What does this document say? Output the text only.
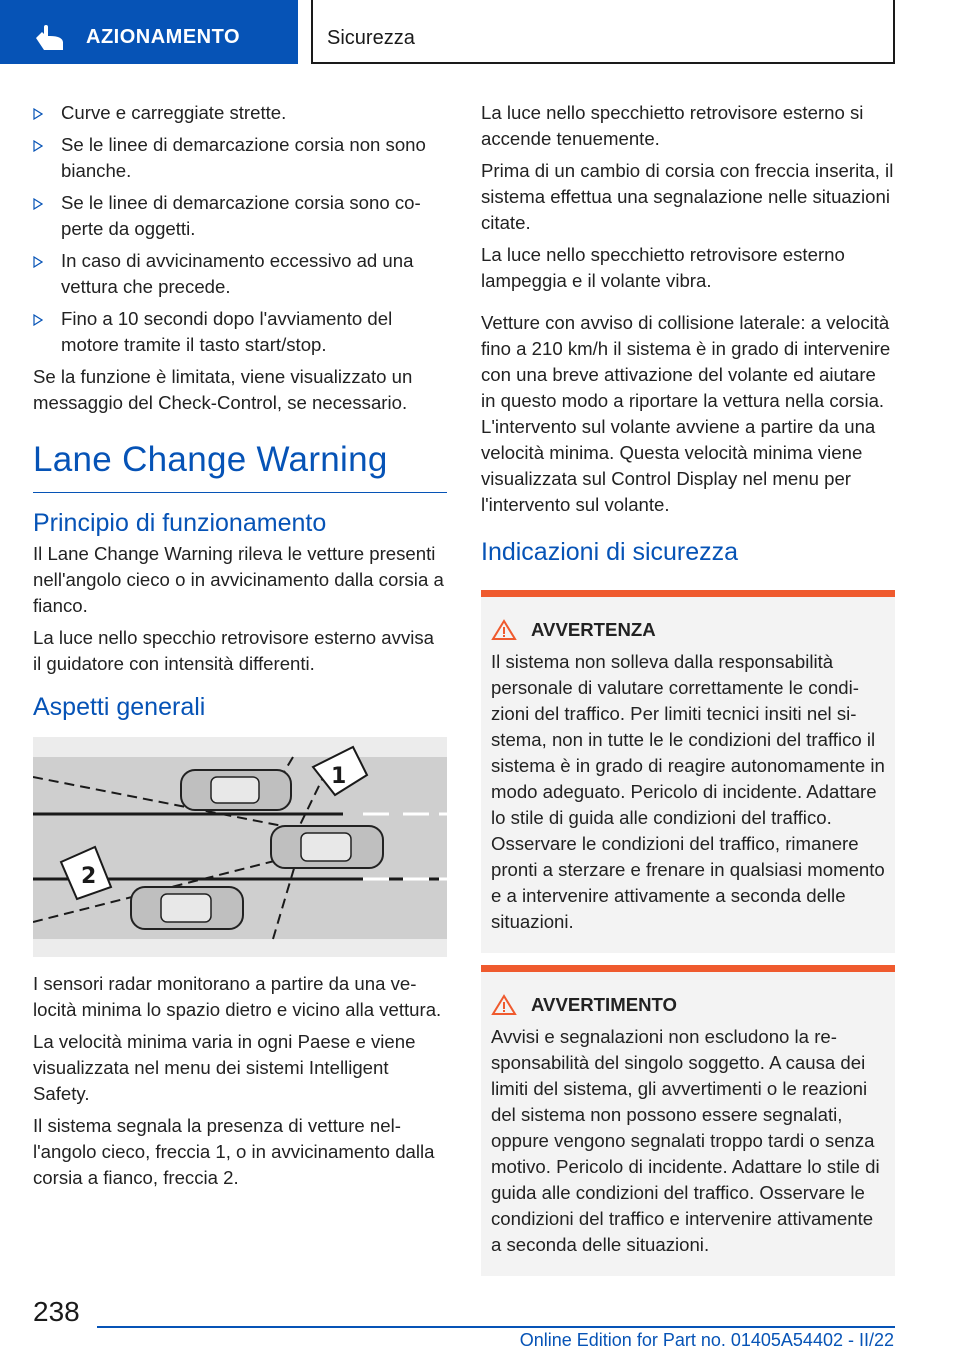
AZIONAMENTO	Sicurezza
Curve e carreggiate strette.
Se le linee di demarcazione corsia non sono bianche.
Se le linee di demarcazione corsia sono coperte da oggetti.
In caso di avvicinamento eccessivo ad una vettura che precede.
Fino a 10 secondi dopo l'avviamento del motore tramite il tasto start/stop.

Se la funzione è limitata, viene visualizzato un messaggio del Check-Control, se necessario.

Lane Change Warning
Principio di funzionamento

Il Lane Change Warning rileva le vetture presenti nell'angolo cieco o in avvicinamento dalla corsia a fianco.

La luce nello specchio retrovisore esterno avvisa il guidatore con intensità differenti.

Aspetti generali
1
2

I sensori radar monitorano a partire da una velocità minima lo spazio dietro e vicino alla vettura.

La velocità minima varia in ogni Paese e viene visualizzata nel menu dei sistemi Intelligent Safety.

Il sistema segnala la presenza di vetture nell'angolo cieco, freccia 1, o in avvicinamento dalla corsia a fianco, freccia 2.

La luce nello specchietto retrovisore esterno si accende tenuemente.

Prima di un cambio di corsia con freccia inserita, il sistema effettua una segnalazione nelle situazioni citate.

La luce nello specchietto retrovisore esterno lampeggia e il volante vibra.

Vetture con avviso di collisione laterale: a velocità fino a 210 km/h il sistema è in grado di intervenire con una breve attivazione del volante ed aiutare in questo modo a riportare la vettura nella corsia. L'intervento sul volante avviene a partire da una velocità minima. Questa velocità minima viene visualizzata sul Control Display nel menu per l'intervento sul volante.

Indicazioni di sicurezza
AVVERTENZA
Il sistema non solleva dalla responsabilità personale di valutare correttamente le condizioni del traffico. Per limiti tecnici insiti nel sistema, non in tutte le le condizioni del traffico il sistema è in grado di reagire autonomamente in modo adeguato. Pericolo di incidente. Adattare lo stile di guida alle condizioni del traffico. Osservare le condizioni del traffico, rimanere pronti a sterzare e frenare in qualsiasi momento e a intervenire attivamente a seconda delle situazioni.
AVVERTIMENTO
Avvisi e segnalazioni non escludono la responsabilità del singolo soggetto. A causa dei limiti del sistema, gli avvertimenti o le reazioni del sistema non possono essere segnalati, oppure vengono segnalati troppo tardi o senza motivo. Pericolo di incidente. Adattare lo stile di guida alle condizioni del traffico. Osservare le condizioni del traffico e intervenire attivamente a seconda delle situazioni.
238
Online Edition for Part no. 01405A54402 - II/22
